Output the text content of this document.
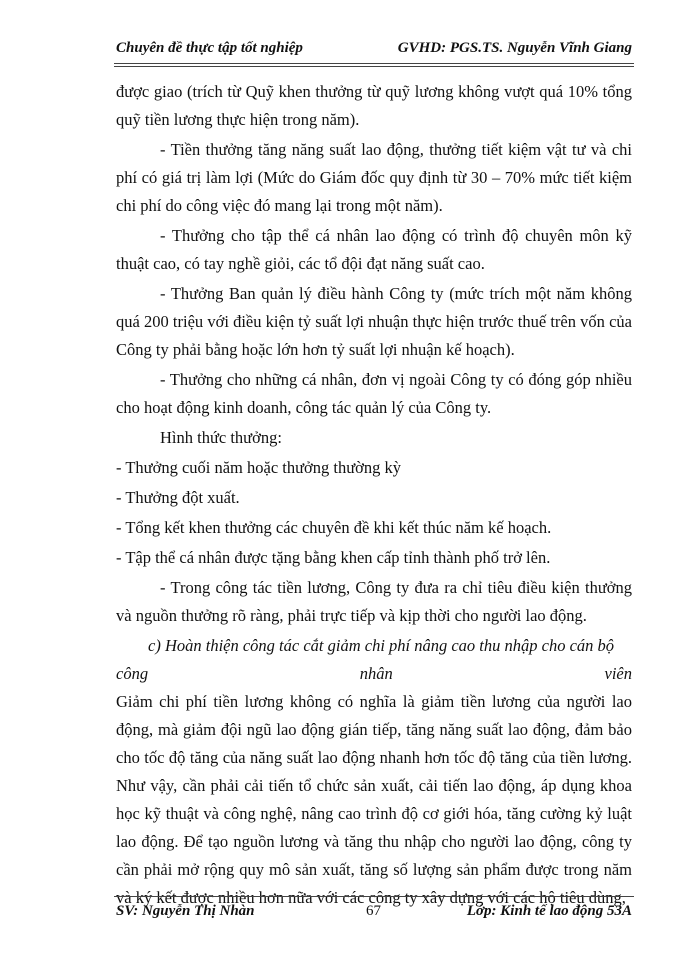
Chuyên đề thực tập tốt nghiệp	GVHD: PGS.TS. Nguyễn Vĩnh Giang

được giao (trích từ Quỹ khen thưởng từ quỹ lương không vượt quá 10% tổng quỹ tiền lương thực hiện trong năm).

- Tiền thưởng tăng năng suất lao động, thưởng tiết kiệm vật tư và chi phí có giá trị làm lợi (Mức do Giám đốc quy định từ 30 – 70% mức tiết kiệm chi phí do công việc đó mang lại trong một năm).

- Thưởng cho tập thể cá nhân lao động có trình độ chuyên môn kỹ thuật cao, có tay nghề giỏi, các tổ đội đạt năng suất cao.

- Thưởng Ban quản lý điều hành Công ty (mức trích một năm không quá 200 triệu với điều kiện tỷ suất lợi nhuận thực hiện trước thuế trên vốn của Công ty phải bằng hoặc lớn hơn tỷ suất lợi nhuận kế hoạch).

- Thưởng cho những cá nhân, đơn vị ngoài Công ty có đóng góp nhiều cho hoạt động kinh doanh, công tác quản lý của Công ty.

Hình thức thưởng:

- Thưởng cuối năm hoặc thưởng thường kỳ

- Thưởng đột xuất.

- Tổng kết khen thưởng các chuyên đề khi kết thúc năm kế hoạch.

- Tập thể cá nhân được tặng bằng khen cấp tỉnh thành phố trở lên.

- Trong công tác tiền lương, Công ty đưa ra chỉ tiêu điều kiện thưởng và nguồn thưởng rõ ràng, phải trực tiếp và kịp thời cho người lao động.

c) Hoàn thiện công tác cắt giảm chi phí nâng cao thu nhập cho cán bộ

công	nhân	viên

Giảm chi phí tiền lương không có nghĩa là giảm tiền lương của người lao động, mà giảm đội ngũ lao động gián tiếp, tăng năng suất lao động, đảm bảo cho tốc độ tăng của năng suất lao động nhanh hơn tốc độ tăng của tiền lương. Như vậy, cần phải cải tiến tổ chức sản xuất, cải tiến lao động, áp dụng khoa học kỹ thuật và công nghệ, nâng cao trình độ cơ giới hóa, tăng cường kỷ luật lao động. Để tạo nguồn lương và tăng thu nhập cho người lao động, công ty cần phải mở rộng quy mô sản xuất, tăng số lượng sản phẩm được trong năm và ký kết được nhiều hơn nữa với các công ty xây dựng với các hộ tiêu dùng,

SV: Nguyễn Thị Nhàn	67	Lớp: Kinh tế lao động 53A
